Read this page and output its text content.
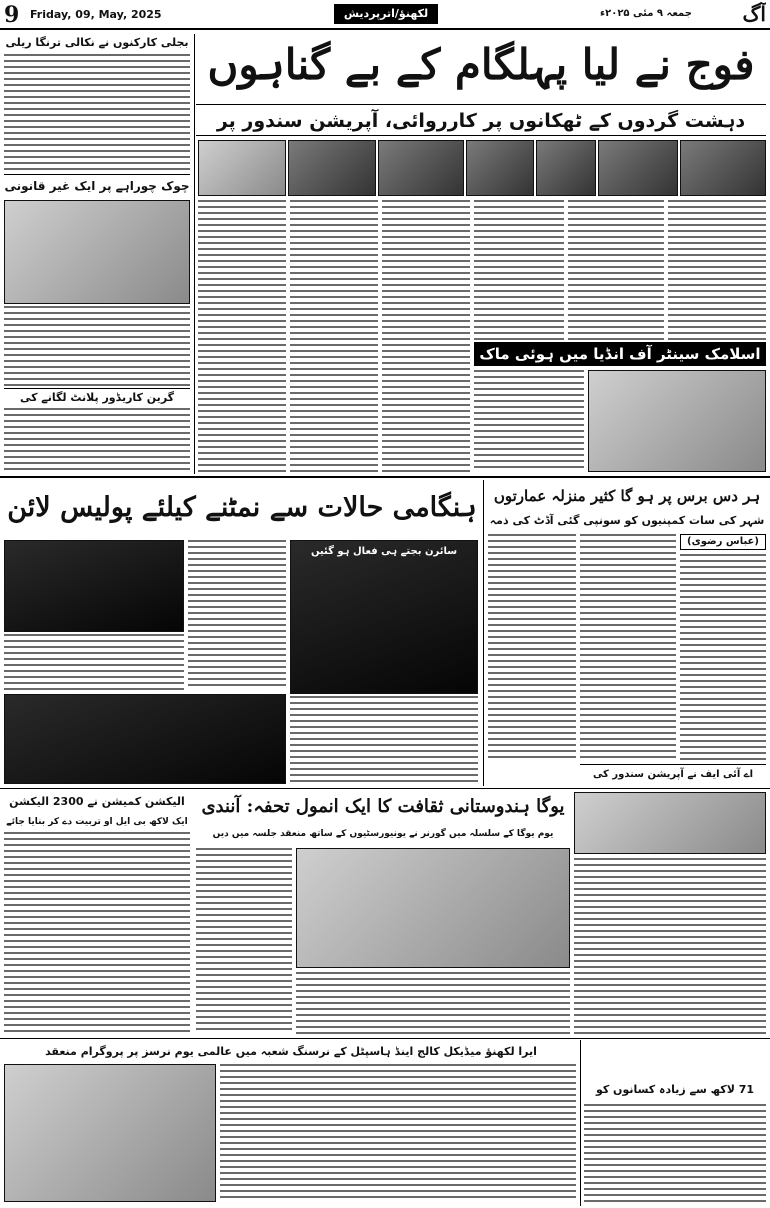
9 Friday, 09, May, 2025	لکھنؤ/اترپردیش	جمعہ ۹ مئی ۲۰۲۵ء	آگ
فوج نے لیا پہلگام کے بے گناہوں
دہشت گردوں کے ٹھکانوں پر کارروائی، آپریشن سندور پر
اسلامک سینٹر آف انڈیا میں ہوئی ماک
بجلی کارکنوں نے نکالی ترنگا ریلی
چوک چوراہے پر ایک غیر قانونی
گرین کاریڈور پلانٹ لگانے کی
ہنگامی حالات سے نمٹنے کیلئے پولیس لائن
سائرن بجتے ہی فعال ہو گئیں
ہر دس برس پر ہو گا کثیر منزلہ عمارتوں
شہر کی سات کمپنیوں کو سونپی گئی آڈٹ کی ذمہ
(عباس رضوی)
اے آئی ایف نے آپریشن سندور کی
الیکشن کمیشن نے 2300 الیکشن
ایک لاکھ بی ایل او تربیت دے کر بنایا جائے
یوگا ہندوستانی ثقافت کا ایک انمول تحفہ: آنندی
یوم یوگا کے سلسلہ میں گورنر نے یونیورسٹیوں کے ساتھ منعقد جلسہ میں دیں
ایرا لکھنؤ میڈیکل کالج اینڈ ہاسپٹل کے نرسنگ شعبہ میں عالمی یوم نرسز پر پروگرام منعقد
71 لاکھ سے زیادہ کسانوں کو
